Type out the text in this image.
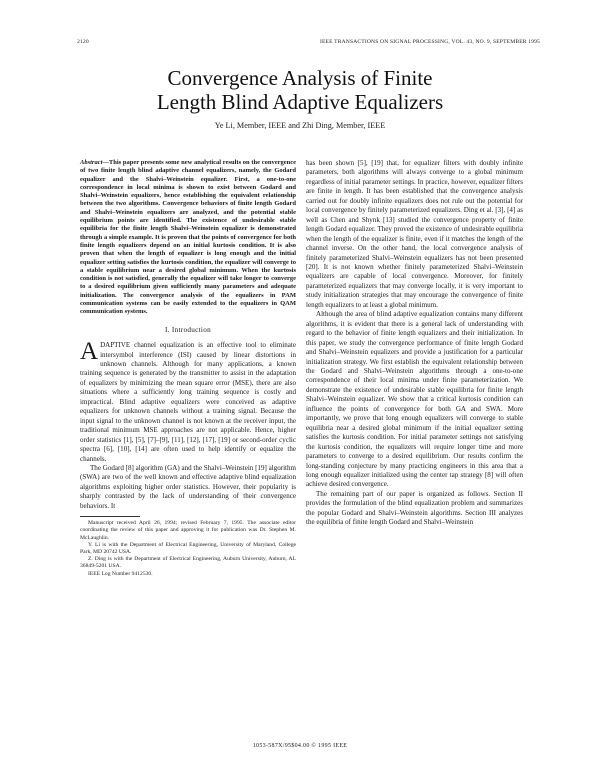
2120	IEEE TRANSACTIONS ON SIGNAL PROCESSING, VOL. 43, NO. 9, SEPTEMBER 1995
Convergence Analysis of Finite
Length Blind Adaptive Equalizers
Ye Li, Member, IEEE and Zhi Ding, Member, IEEE
Abstract—This paper presents some new analytical results on the convergence of two finite length blind adaptive channel equalizers, namely, the Godard equalizer and the Shalvi–Weinstein equalizer. First, a one-to-one correspondence in local minima is shown to exist between Godard and Shalvi–Weinstein equalizers, hence establishing the equivalent relationship between the two algorithms. Convergence behaviors of finite length Godard and Shalvi–Weinstein equalizers are analyzed, and the potential stable equilibrium points are identified. The existence of undesirable stable equilibria for the finite length Shalvi–Weinstein equalizer is demonstrated through a simple example. It is proven that the points of convergence for both finite length equalizers depend on an initial kurtosis condition. It is also proven that when the length of equalizer is long enough and the initial equalizer setting satisfies the kurtosis condition, the equalizer will converge to a stable equilibrium near a desired global minimum. When the kurtosis condition is not satisfied, generally the equalizer will take longer to converge to a desired equilibrium given sufficiently many parameters and adequate initialization. The convergence analysis of the equalizers in PAM communication systems can be easily extended to the equalizers in QAM communication systems.
I. Introduction

ADAPTIVE channel equalization is an effective tool to eliminate intersymbol interference (ISI) caused by linear distortions in unknown channels. Although for many applications, a known training sequence is generated by the transmitter to assist in the adaptation of equalizers by minimizing the mean square error (MSE), there are also situations where a sufficiently long training sequence is costly and impractical. Blind adaptive equalizers were conceived as adaptive equalizers for unknown channels without a training signal. Because the input signal to the unknown channel is not known at the receiver input, the traditional minimum MSE approaches are not applicable. Hence, higher order statistics [1], [5], [7]–[9], [11], [12], [17], [19] or second-order cyclic spectra [6], [10], [14] are often used to help identify or equalize the channels.

The Godard [8] algorithm (GA) and the Shalvi–Weinstein [19] algorithm (SWA) are two of the well known and effective adaptive blind equalization algorithms exploiting higher order statistics. However, their popularity is sharply contrasted by the lack of understanding of their convergence behaviors. It

Manuscript received April 26, 1994; revised February 7, 1995. The associate editor coordinating the review of this paper and approving it for publication was Dr. Stephen M. McLaughlin.

Y. Li is with the Department of Electrical Engineering, University of Maryland, College Park, MD 20742 USA.

Z. Ding is with the Department of Electrical Engineering, Auburn University, Auburn, AL 36849-5201 USA.

IEEE Log Number 9412530.

has been shown [5], [19] that, for equalizer filters with doubly infinite parameters, both algorithms will always converge to a global minimum regardless of initial parameter settings. In practice, however, equalizer filters are finite in length. It has been established that the convergence analysis carried out for doubly infinite equalizers does not rule out the potential for local convergence by finitely parameterized equalizers. Ding et al. [3], [4] as well as Chen and Shynk [13] studied the convergence property of finite length Godard equalizer. They proved the existence of undesirable equilibria when the length of the equalizer is finite, even if it matches the length of the channel inverse. On the other hand, the local convergence analysis of finitely parameterized Shalvi–Weinstein equalizers has not been presented [20]. It is not known whether finitely parameterized Shalvi–Weinstein equalizers are capable of local convergence. Moreover, for finitely parameterized equalizers that may converge locally, it is very important to study initialization strategies that may encourage the convergence of finite length equalizers to at least a global minimum.

Although the area of blind adaptive equalization contains many different algorithms, it is evident that there is a general lack of understanding with regard to the behavior of finite length equalizers and their initialization. In this paper, we study the convergence performance of finite length Godard and Shalvi–Weinstein equalizers and provide a justification for a particular initialization strategy. We first establish the equivalent relationship between the Godard and Shalvi–Weinstein algorithms through a one-to-one correspondence of their local minima under finite parameterization. We demonstrate the existence of undesirable stable equilibria for finite length Shalvi–Weinstein equalizer. We show that a critical kurtosis condition can influence the points of convergence for both GA and SWA. More importantly, we prove that long enough equalizers will converge to stable equilibria near a desired global minimum if the initial equalizer setting satisfies the kurtosis condition. For initial parameter settings not satisfying the kurtosis condition, the equalizers will require longer time and more parameters to converge to a desired equilibrium. Our results confirm the long-standing conjecture by many practicing engineers in this area that a long enough equalizer initialized using the center tap strategy [8] will often achieve desired convergence.

The remaining part of our paper is organized as follows. Section II provides the formulation of the blind equalization problem and summarizes the popular Godard and Shalvi–Weinstein algorithms. Section III analyzes the equilibria of finite length Godard and Shalvi–Weinstein

1053-587X/95$04.00 © 1995 IEEE
